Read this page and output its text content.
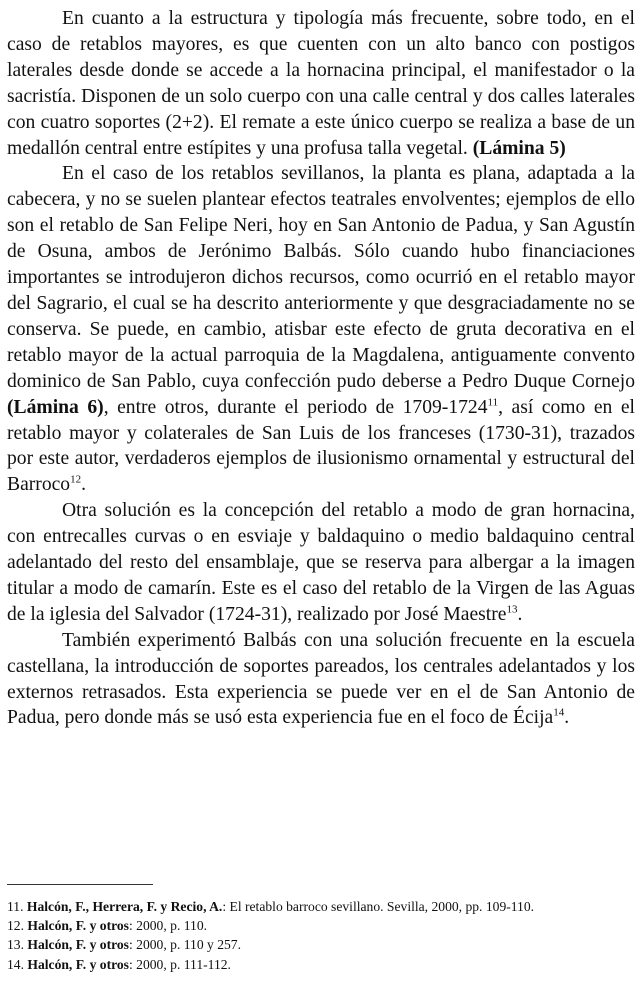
En cuanto a la estructura y tipología más frecuente, sobre todo, en el caso de retablos mayores, es que cuenten con un alto banco con postigos laterales desde donde se accede a la hornacina principal, el manifestador o la sacristía. Disponen de un solo cuerpo con una calle central y dos calles laterales con cuatro soportes (2+2). El remate a este único cuerpo se realiza a base de un medallón central entre estípites y una profusa talla vegetal. (Lámina 5)

En el caso de los retablos sevillanos, la planta es plana, adaptada a la cabecera, y no se suelen plantear efectos teatrales envolventes; ejemplos de ello son el retablo de San Felipe Neri, hoy en San Antonio de Padua, y San Agustín de Osuna, ambos de Jerónimo Balbás. Sólo cuando hubo financiaciones importantes se introdujeron dichos recursos, como ocurrió en el retablo mayor del Sagrario, el cual se ha descrito anteriormente y que desgraciadamente no se conserva. Se puede, en cambio, atisbar este efecto de gruta decorativa en el retablo mayor de la actual parroquia de la Magdalena, antiguamente convento dominico de San Pablo, cuya confección pudo deberse a Pedro Duque Cornejo (Lámina 6), entre otros, durante el periodo de 1709-1724$^{11}$, así como en el retablo mayor y colaterales de San Luis de los franceses (1730-31), trazados por este autor, verdaderos ejemplos de ilusionismo ornamental y estructural del Barroco$^{12}$.

Otra solución es la concepción del retablo a modo de gran hornacina, con entrecalles curvas o en esviaje y baldaquino o medio baldaquino central adelantado del resto del ensamblaje, que se reserva para albergar a la imagen titular a modo de camarín. Este es el caso del retablo de la Virgen de las Aguas de la iglesia del Salvador (1724-31), realizado por José Maestre$^{13}$.

También experimentó Balbás con una solución frecuente en la escuela castellana, la introducción de soportes pareados, los centrales adelantados y los externos retrasados. Esta experiencia se puede ver en el de San Antonio de Padua, pero donde más se usó esta experiencia fue en el foco de Écija$^{14}$.

11. Halcón, F., Herrera, F. y Recio, A.: El retablo barroco sevillano. Sevilla, 2000, pp. 109-110.

12. Halcón, F. y otros: 2000, p. 110.

13. Halcón, F. y otros: 2000, p. 110 y 257.

14. Halcón, F. y otros: 2000, p. 111-112.
